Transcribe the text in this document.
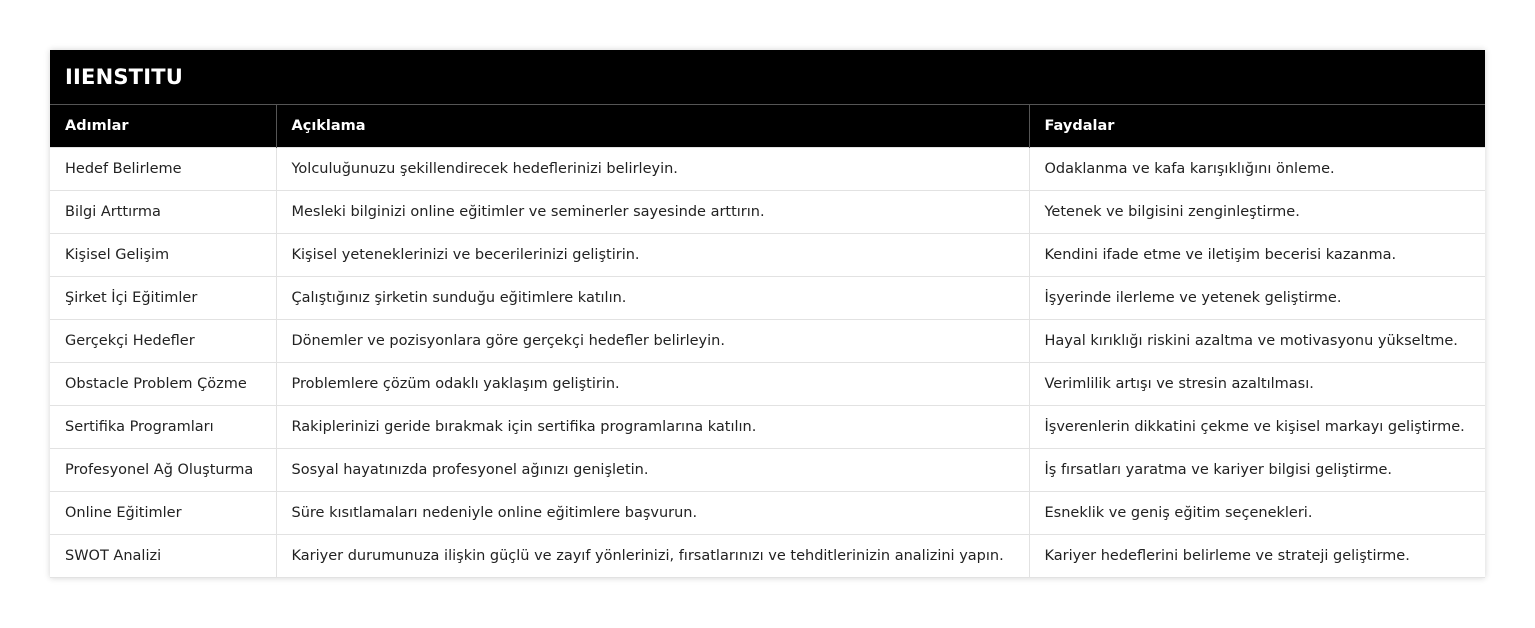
IIENSTITU		
Adımlar	Açıklama	Faydalar
Hedef Belirleme	Yolculuğunuzu şekillendirecek hedeflerinizi belirleyin.	Odaklanma ve kafa karışıklığını önleme.
Bilgi Arttırma	Mesleki bilginizi online eğitimler ve seminerler sayesinde arttırın.	Yetenek ve bilgisini zenginleştirme.
Kişisel Gelişim	Kişisel yeteneklerinizi ve becerilerinizi geliştirin.	Kendini ifade etme ve iletişim becerisi kazanma.
Şirket İçi Eğitimler	Çalıştığınız şirketin sunduğu eğitimlere katılın.	İşyerinde ilerleme ve yetenek geliştirme.
Gerçekçi Hedefler	Dönemler ve pozisyonlara göre gerçekçi hedefler belirleyin.	Hayal kırıklığı riskini azaltma ve motivasyonu yükseltme.
Obstacle Problem Çözme	Problemlere çözüm odaklı yaklaşım geliştirin.	Verimlilik artışı ve stresin azaltılması.
Sertifika Programları	Rakiplerinizi geride bırakmak için sertifika programlarına katılın.	İşverenlerin dikkatini çekme ve kişisel markayı geliştirme.
Profesyonel Ağ Oluşturma	Sosyal hayatınızda profesyonel ağınızı genişletin.	İş fırsatları yaratma ve kariyer bilgisi geliştirme.
Online Eğitimler	Süre kısıtlamaları nedeniyle online eğitimlere başvurun.	Esneklik ve geniş eğitim seçenekleri.
SWOT Analizi	Kariyer durumunuza ilişkin güçlü ve zayıf yönlerinizi, fırsatlarınızı ve tehditlerinizin analizini yapın.	Kariyer hedeflerini belirleme ve strateji geliştirme.
